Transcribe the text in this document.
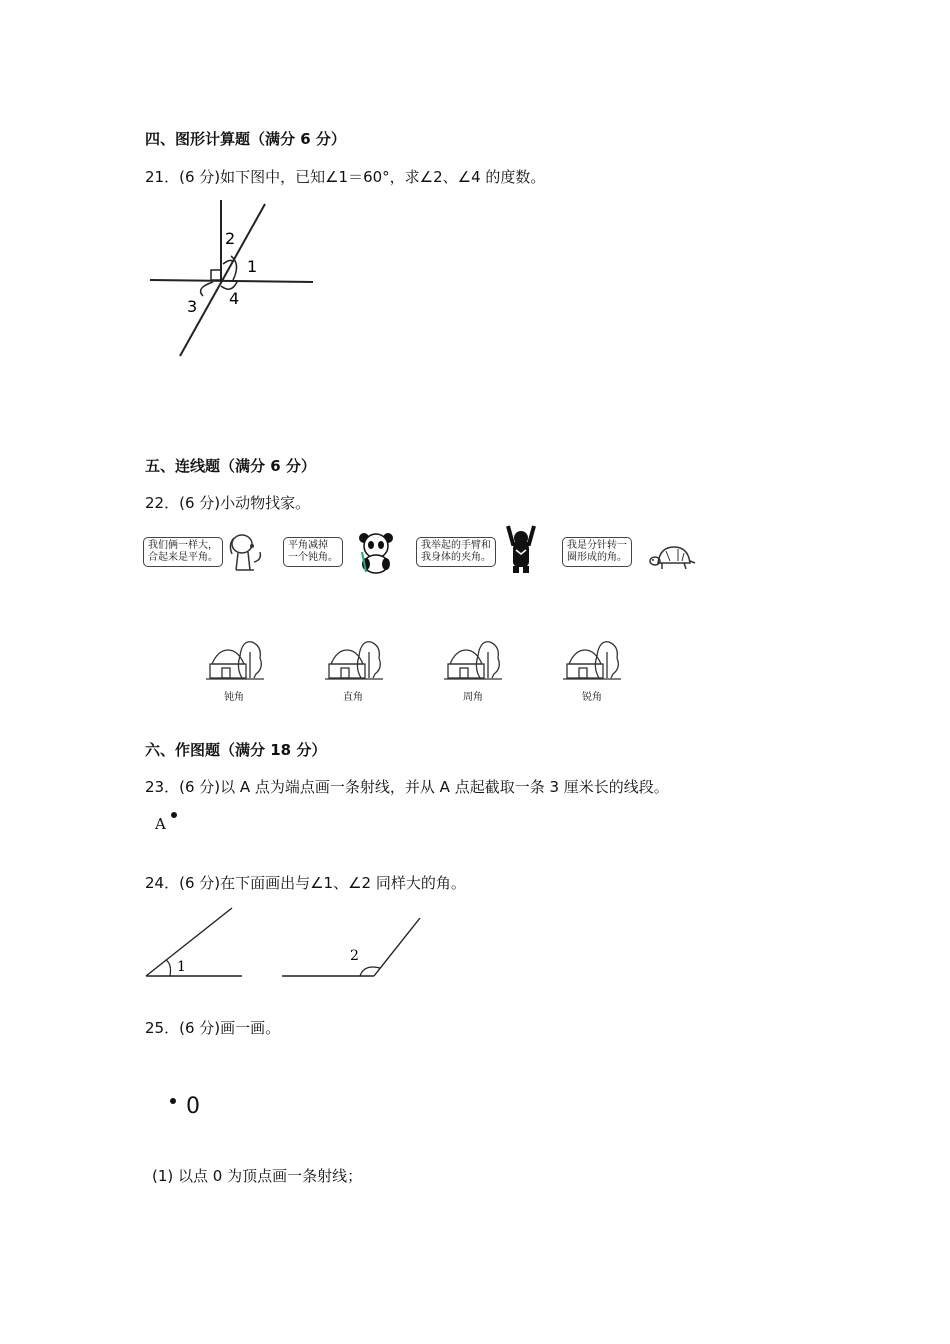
四、图形计算题（满分 6 分）
21．(6 分)如下图中，已知∠1＝60°，求∠2、∠4 的度数。
2
1
3 4
五、连线题（满分 6 分）
22．(6 分)小动物找家。
我们俩一样大，
合起来是平角。
平角减掉
一个钝角。
我举起的手臂和
我身体的夹角。
我是分针转一
圈形成的角。
钝角	直角	周角	锐角
六、作图题（满分 18 分）
23．(6 分)以 A 点为端点画一条射线，并从 A 点起截取一条 3 厘米长的线段。
A
24．(6 分)在下面画出与∠1、∠2 同样大的角。
1
2
25．(6 分)画一画。
0
(1) 以点 0 为顶点画一条射线；
